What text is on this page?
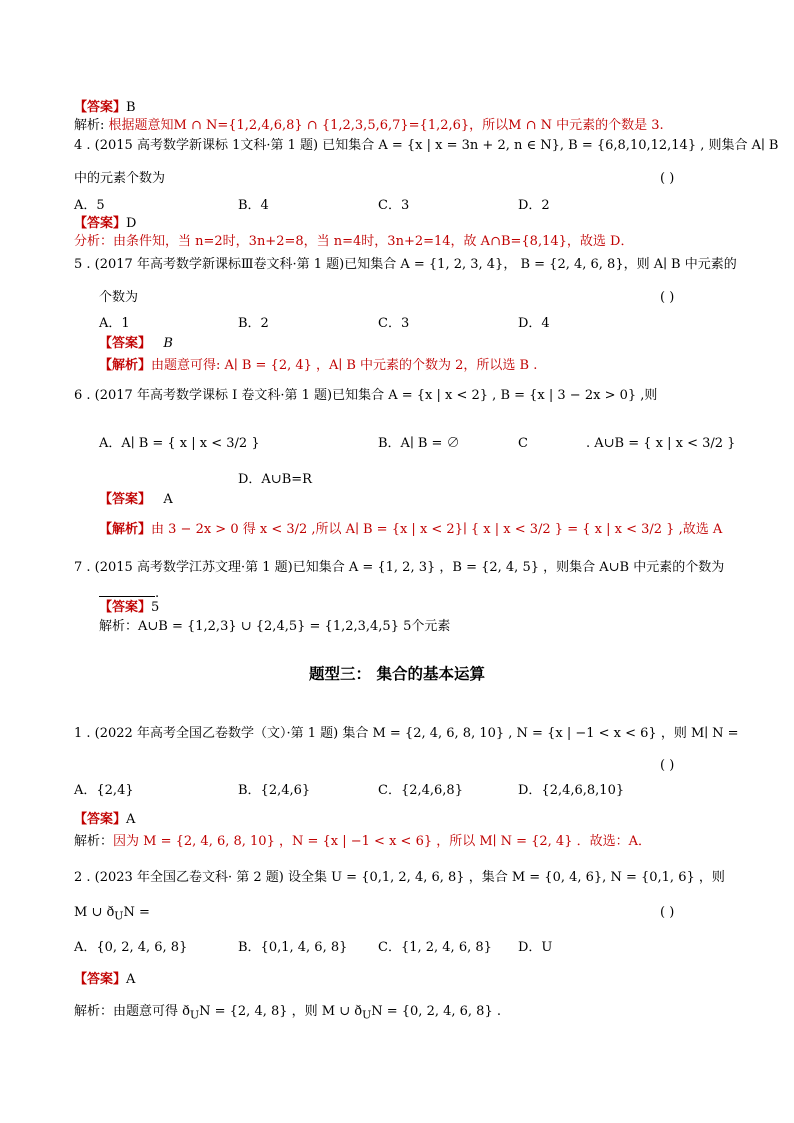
【答案】B
解析: 根据题意知M ∩ N={1,2,4,6,8} ∩ {1,2,3,5,6,7}={1,2,6}，所以M ∩ N 中元素的个数是 3.
4 . (2015 高考数学新课标 1文科·第 1 题) 已知集合 A = {x | x = 3n + 2, n ∈ N}, B = {6,8,10,12,14} , 则集合 A∣ B
中的元素个数为	( )
A．5	B．4	C．3	D．2
【答案】D
分析：由条件知，当 n=2时，3n+2=8，当 n=4时，3n+2=14，故 A∩B={8,14}，故选 D．
5 . (2017 年高考数学新课标Ⅲ卷文科·第 1 题)已知集合 A = {1, 2, 3, 4}， B = {2, 4, 6, 8}，则 A∣ B 中元素的
个数为	( )
A．1	B．2	C．3	D．4
【答案】 B
【解析】由题意可得: A∣ B = {2, 4} ，A∣ B 中元素的个数为 2，所以选 B .
6 . (2017 年高考数学课标 I 卷文科·第 1 题)已知集合 A = {x | x < 2} , B = {x | 3 − 2x > 0} ,则
A．A∣ B = { x | x < 3/2 }	B．A∣ B = ∅	C	. A∪B = { x | x < 3/2 }
D．A∪B=R
【答案】 A
【解析】由 3 − 2x > 0 得 x < 3/2 ,所以 A∣ B = {x | x < 2}∣ { x | x < 3/2 } = { x | x < 3/2 } ,故选 A
7 . (2015 高考数学江苏文理·第 1 题)已知集合 A = {1, 2, 3} ，B = {2, 4, 5} ，则集合 A∪B 中元素的个数为
.
【答案】5
解析：A∪B = {1,2,3} ∪ {2,4,5} = {1,2,3,4,5} 5个元素
题型三： 集合的基本运算
1 . (2022 年高考全国乙卷数学（文）·第 1 题) 集合 M = {2, 4, 6, 8, 10} , N = {x | −1 < x < 6} ，则 M∣ N =
( )
A．{2,4}	B．{2,4,6}	C．{2,4,6,8}	D．{2,4,6,8,10}
【答案】A
解析：因为 M = {2, 4, 6, 8, 10} ，N = {x | −1 < x < 6} ，所以 M∣ N = {2, 4} ．故选：A．
2 . (2023 年全国乙卷文科· 第 2 题) 设全集 U = {0,1, 2, 4, 6, 8} ，集合 M = {0, 4, 6}, N = {0,1, 6} ，则
M ∪ $ð_UN$ =	( )
A．{0, 2, 4, 6, 8}	B．{0,1, 4, 6, 8} C．{1, 2, 4, 6, 8} D．U
【答案】A
解析：由题意可得 $ð_UN = \{2$, 4, 8} ，则 M ∪ $ð_UN = \{0$, 2, 4, 6, 8} .
